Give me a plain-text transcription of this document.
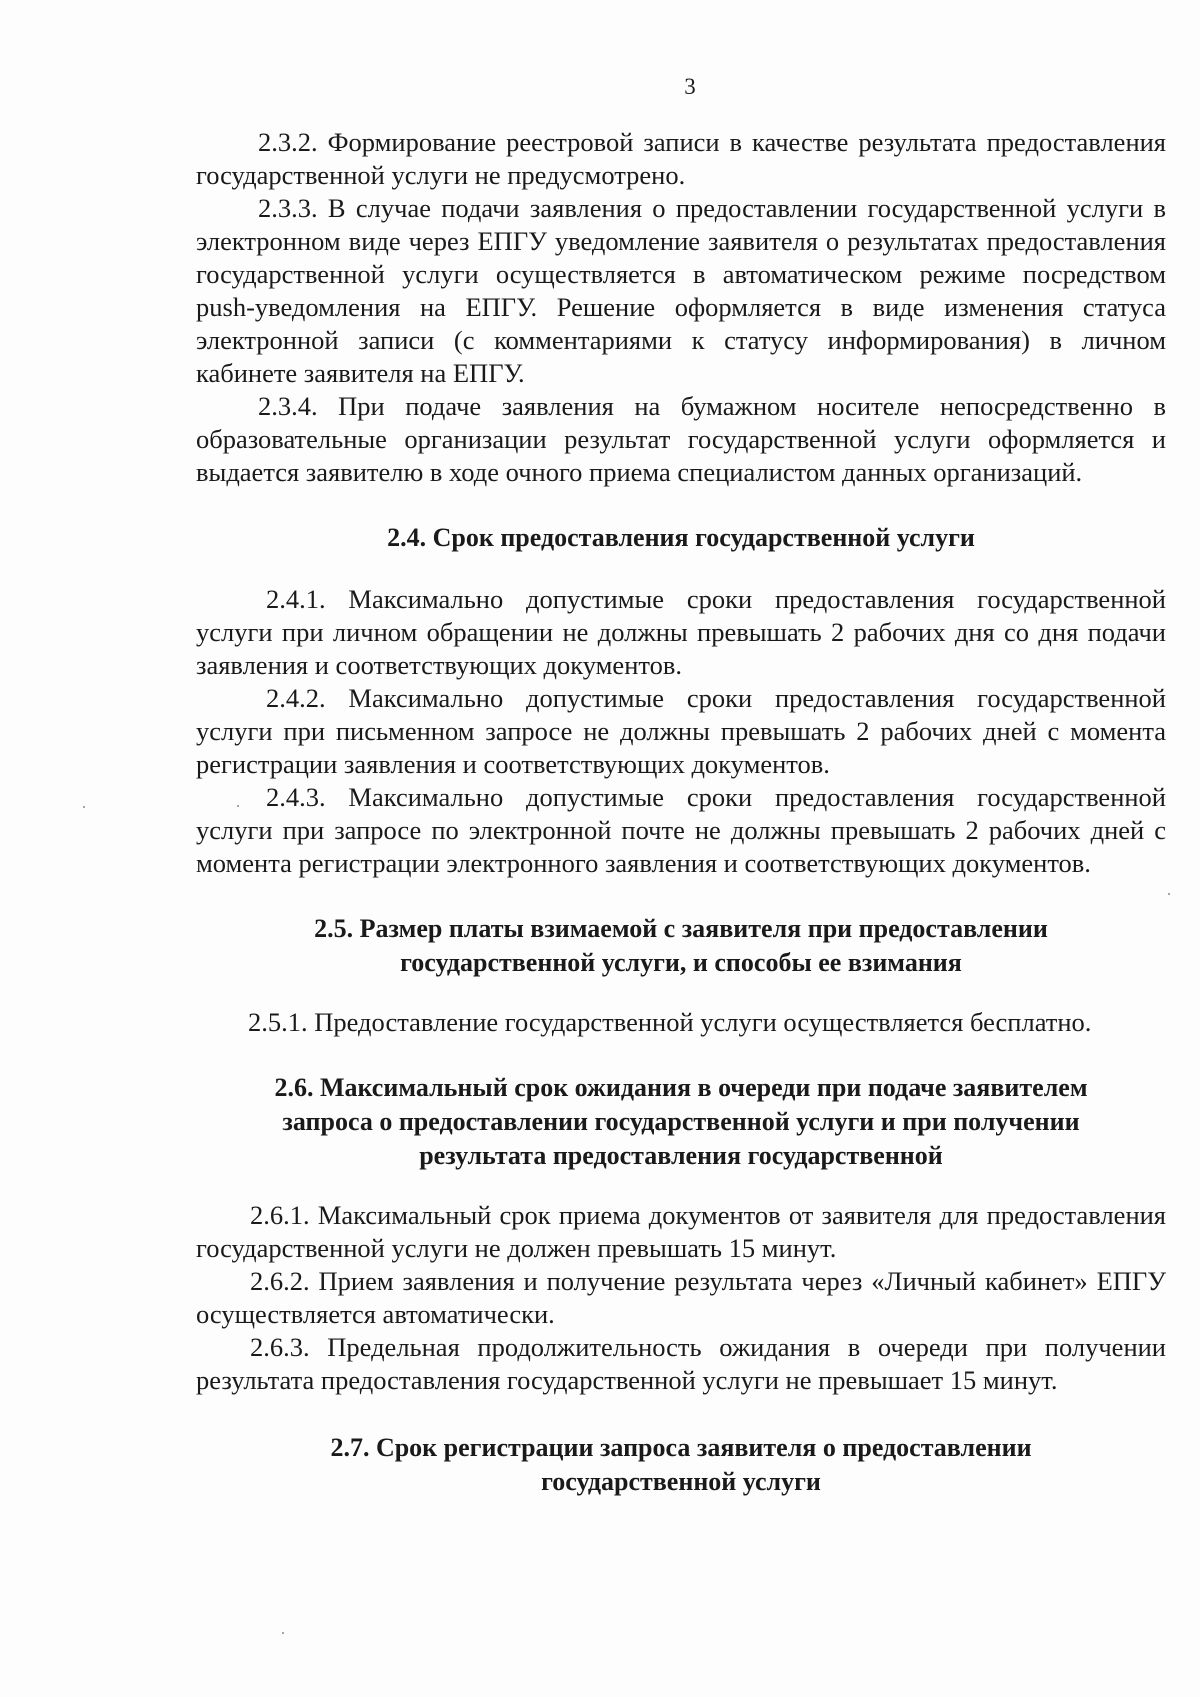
3

2.3.2. Формирование реестровой записи в качестве результата предоставления государственной услуги не предусмотрено.

2.3.3. В случае подачи заявления о предоставлении государственной услуги в электронном виде через ЕПГУ уведомление заявителя о результатах предоставления государственной услуги осуществляется в автоматическом режиме посредством push-уведомления на ЕПГУ. Решение оформляется в виде изменения статуса электронной записи (с комментариями к статусу информирования) в личном кабинете заявителя на ЕПГУ.

2.3.4. При подаче заявления на бумажном носителе непосредственно в образовательные организации результат государственной услуги оформляется и выдается заявителю в ходе очного приема специалистом данных организаций.

2.4. Срок предоставления государственной услуги

2.4.1. Максимально допустимые сроки предоставления государственной услуги при личном обращении не должны превышать 2 рабочих дня со дня подачи заявления и соответствующих документов.

2.4.2. Максимально допустимые сроки предоставления государственной услуги при письменном запросе не должны превышать 2 рабочих дней с момента регистрации заявления и соответствующих документов.

2.4.3. Максимально допустимые сроки предоставления государственной услуги при запросе по электронной почте не должны превышать 2 рабочих дней с момента регистрации электронного заявления и соответствующих документов.

2.5. Размер платы взимаемой с заявителя при предоставлении
государственной услуги, и способы ее взимания

2.5.1. Предоставление государственной услуги осуществляется бесплатно.

2.6. Максимальный срок ожидания в очереди при подаче заявителем
запроса о предоставлении государственной услуги и при получении
результата предоставления государственной

2.6.1. Максимальный срок приема документов от заявителя для предоставления государственной услуги не должен превышать 15 минут.

2.6.2. Прием заявления и получение результата через «Личный кабинет» ЕПГУ осуществляется автоматически.

2.6.3. Предельная продолжительность ожидания в очереди при получении результата предоставления государственной услуги не превышает 15 минут.

2.7. Срок регистрации запроса заявителя о предоставлении
государственной услуги
